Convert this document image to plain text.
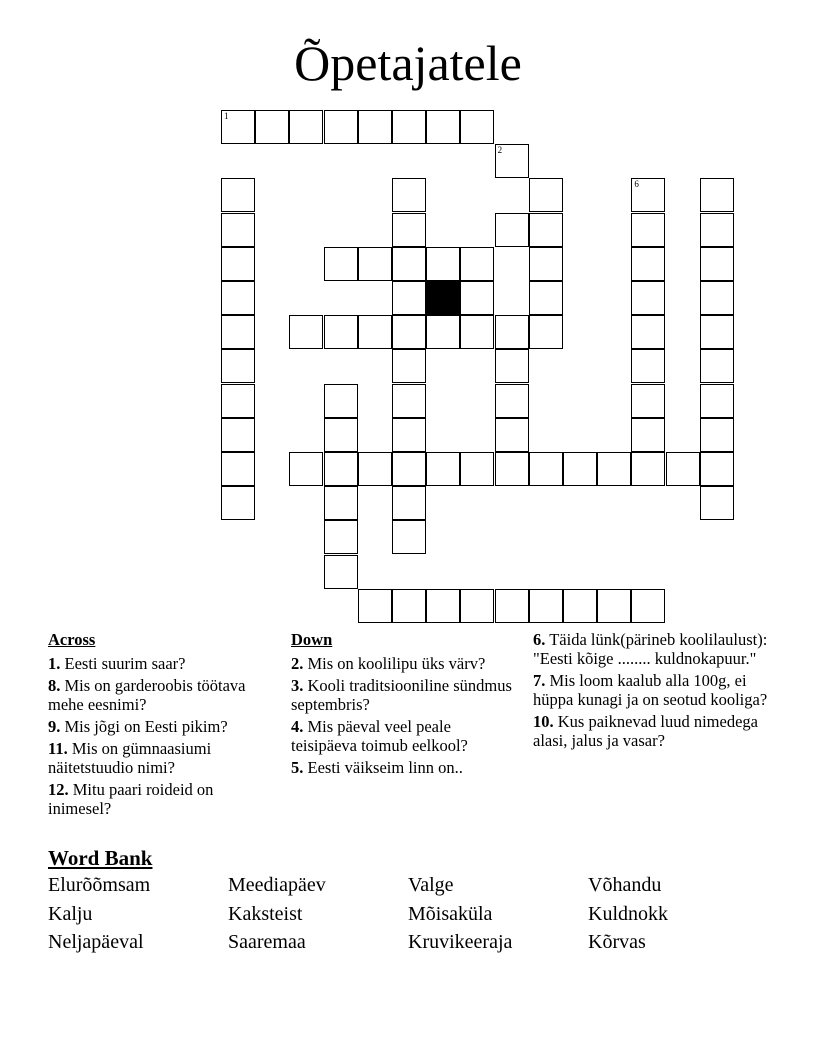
Õpetajatele
1
2
6
Across
1. Eesti suurim saar?
8. Mis on garderoobis töötava mehe eesnimi?
9. Mis jõgi on Eesti pikim?
11. Mis on gümnaasiumi näitetstuudio nimi?
12. Mitu paari roideid on inimesel?
Down
2. Mis on koolilipu üks värv?
3. Kooli traditsiooniline sündmus septembris?
4. Mis päeval veel peale teisipäeva toimub eelkool?
5. Eesti väikseim linn on..
6. Täida lünk(pärineb koolilaulust): "Eesti kõige ........ kuldnokapuur."
7. Mis loom kaalub alla 100g, ei hüppa kunagi ja on seotud kooliga?
10. Kus paiknevad luud nimedega alasi, jalus ja vasar?
Word Bank
Elurõõmsam	Meediapäev	Valge	Võhandu
Kalju	Kaksteist	Mõisaküla	Kuldnokk
Neljapäeval	Saaremaa	Kruvikeeraja	Kõrvas
